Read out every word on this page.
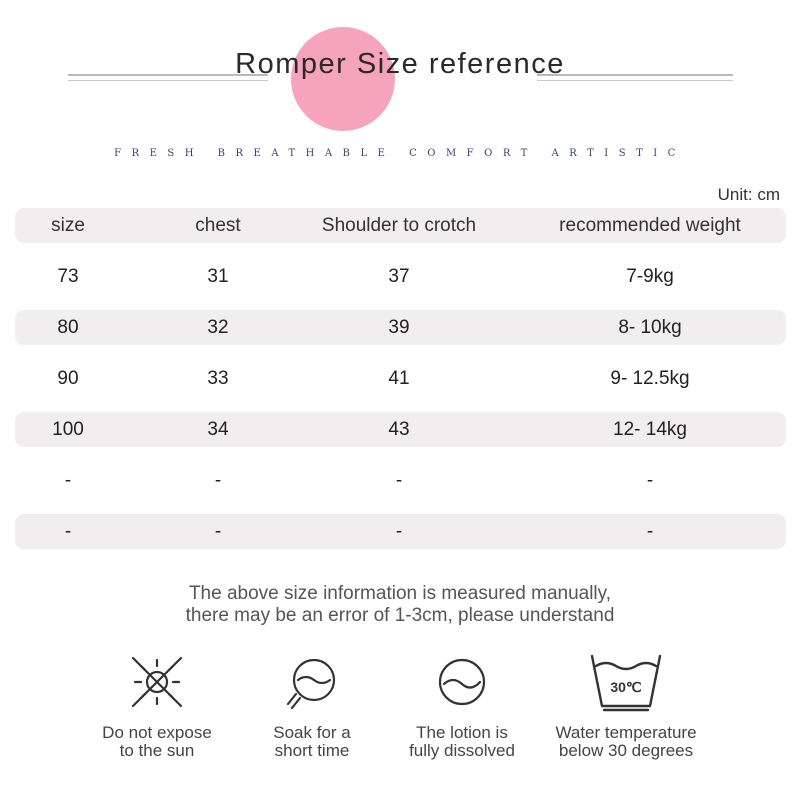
Romper Size reference
FRESH BREATHABLE COMFORT ARTISTIC
Unit: cm
size	chest	Shoulder to crotch	recommended weight
73	31	37	7-9kg
80	32	39	8- 10kg
90	33	41	9- 12.5kg
100	34	43	12- 14kg
-	-	-	-
-	-	-	-
The above size information is measured manually,
there may be an error of 1-3cm, please understand
Do not expose
to the sun
Soak for a
short time
The lotion is
fully dissolved
30℃
Water temperature
below 30 degrees
